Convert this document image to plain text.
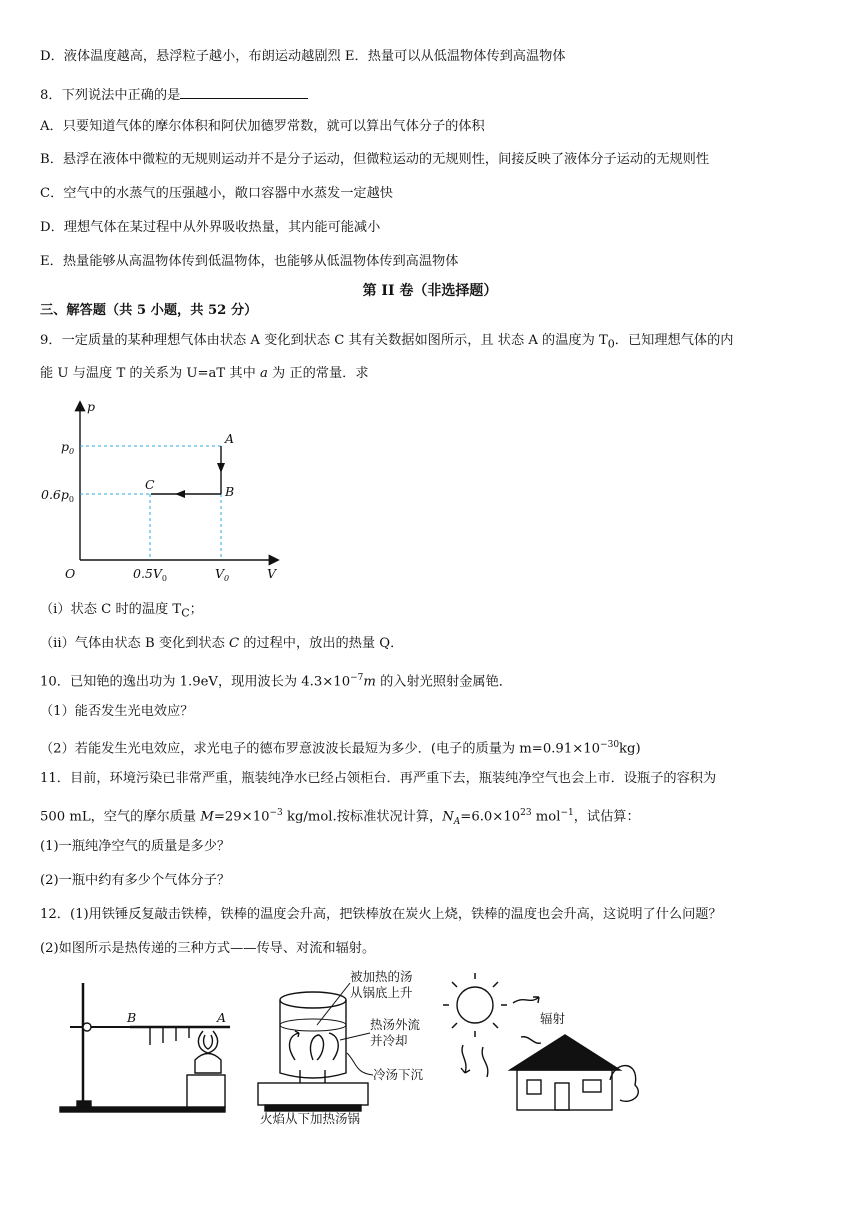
D．液体温度越高，悬浮粒子越小，布朗运动越剧烈 E．热量可以从低温物体传到高温物体
8．下列说法中正确的是
A．只要知道气体的摩尔体积和阿伏加德罗常数，就可以算出气体分子的体积
B．悬浮在液体中微粒的无规则运动并不是分子运动，但微粒运动的无规则性，间接反映了液体分子运动的无规则性
C．空气中的水蒸气的压强越小，敞口容器中水蒸发一定越快
D．理想气体在某过程中从外界吸收热量，其内能可能减小
E．热量能够从高温物体传到低温物体，也能够从低温物体传到高温物体
第 II 卷（非选择题）
三、解答题（共 5 小题，共 52 分）
9．一定质量的某种理想气体由状态 A 变化到状态 C 其有关数据如图所示，且 状态 A 的温度为 $T_0$．已知理想气体的内
能 U 与温度 T 的关系为 U=aT 其中 a 为 正的常量．求
p
V
O
$p_0$
$0.6p_0$
$0.5V_0$	$V_0$
A
B
C
（i）状态 C 时的温度 $T_C$；
（ii）气体由状态 B 变化到状态 C 的过程中，放出的热量 Q．
10．已知铯的逸出功为 1.9eV，现用波长为 $4.3\times 10^{-7}m$ 的入射光照射金属铯．
（1）能否发生光电效应？
（2）若能发生光电效应，求光电子的德布罗意波波长最短为多少．(电子的质量为 $m=0.91\times 10^{-30}kg$)
11．目前，环境污染已非常严重，瓶装纯净水已经占领柜台．再严重下去，瓶装纯净空气也会上市．设瓶子的容积为
500 mL，空气的摩尔质量 $M=29\times 10^{-3}$ kg/mol.按标准状况计算，$N_A=6.0\times 10^{23}$ mol$^{-1}$，试估算：
(1)一瓶纯净空气的质量是多少？
(2)一瓶中约有多少个气体分子？
12．(1)用铁锤反复敲击铁棒，铁棒的温度会升高，把铁棒放在炭火上烧，铁棒的温度也会升高，这说明了什么问题？
(2)如图所示是热传递的三种方式——传导、对流和辐射。
A
B
被加热的汤
从锅底上升
热汤外流
并冷却
冷汤下沉
火焰从下加热汤锅
辐射
